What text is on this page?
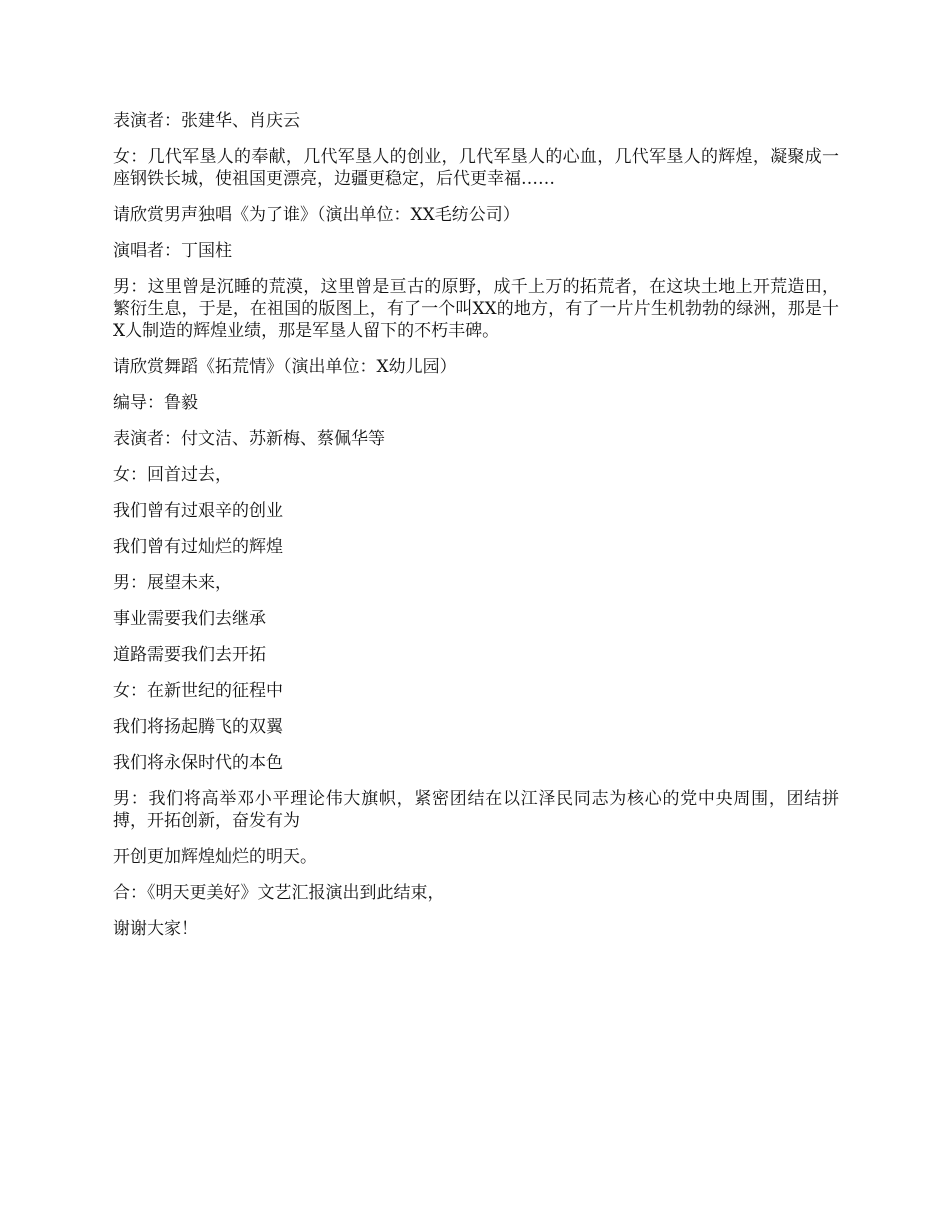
表演者：张建华、肖庆云

女：几代军垦人的奉献，几代军垦人的创业，几代军垦人的心血，几代军垦人的辉煌，凝聚成一座钢铁长城，使祖国更漂亮，边疆更稳定，后代更幸福……

请欣赏男声独唱《为了谁》（演出单位：XX毛纺公司）

演唱者：丁国柱

男：这里曾是沉睡的荒漠，这里曾是亘古的原野，成千上万的拓荒者，在这块土地上开荒造田，繁衍生息，于是，在祖国的版图上，有了一个叫XX的地方，有了一片片生机勃勃的绿洲，那是十X人制造的辉煌业绩，那是军垦人留下的不朽丰碑。

请欣赏舞蹈《拓荒情》（演出单位：X幼儿园）

编导：鲁毅

表演者：付文洁、苏新梅、蔡佩华等

女：回首过去，

我们曾有过艰辛的创业

我们曾有过灿烂的辉煌

男：展望未来，

事业需要我们去继承

道路需要我们去开拓

女：在新世纪的征程中

我们将扬起腾飞的双翼

我们将永保时代的本色

男：我们将高举邓小平理论伟大旗帜，紧密团结在以江泽民同志为核心的党中央周围，团结拼搏，开拓创新，奋发有为

开创更加辉煌灿烂的明天。

合：《明天更美好》文艺汇报演出到此结束，

谢谢大家！
